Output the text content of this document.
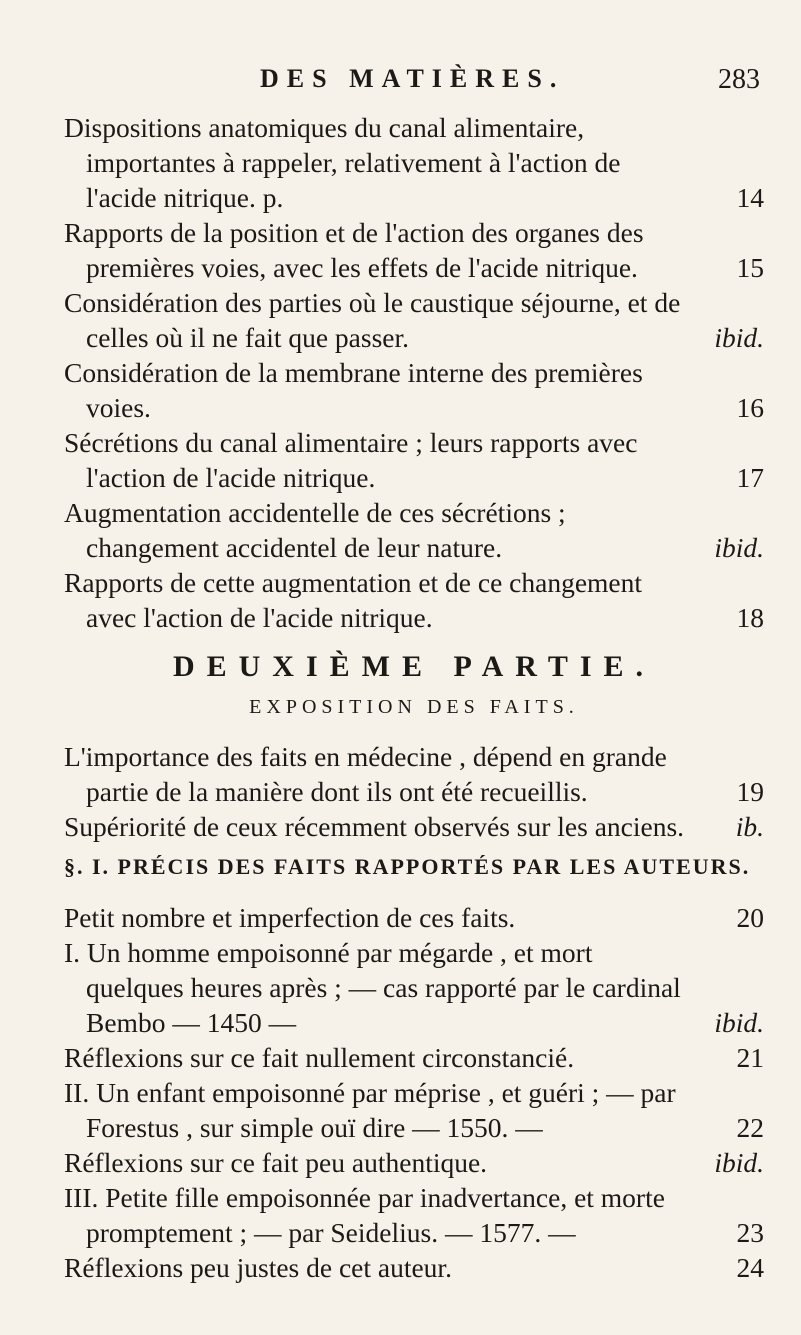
DES MATIÈRES.	283
Dispositions anatomiques du canal alimentaire, importantes à rappeler, relativement à l'action de l'acide nitrique. p.	14
Rapports de la position et de l'action des organes des premières voies, avec les effets de l'acide nitrique.	15
Considération des parties où le caustique séjourne, et de celles où il ne fait que passer.	ibid.
Considération de la membrane interne des premières voies.	16
Sécrétions du canal alimentaire ; leurs rapports avec l'action de l'acide nitrique.	17
Augmentation accidentelle de ces sécrétions ; changement accidentel de leur nature.	ibid.
Rapports de cette augmentation et de ce changement avec l'action de l'acide nitrique.	18
DEUXIÈME PARTIE.
EXPOSITION DES FAITS.
L'importance des faits en médecine , dépend en grande partie de la manière dont ils ont été recueillis.	19
Supériorité de ceux récemment observés sur les anciens.	ib.
§. I. PRÉCIS DES FAITS RAPPORTÉS PAR LES AUTEURS.
Petit nombre et imperfection de ces faits.	20
I. Un homme empoisonné par mégarde , et mort quelques heures après ; — cas rapporté par le cardinal Bembo — 1450 —	ibid.
Réflexions sur ce fait nullement circonstancié.	21
II. Un enfant empoisonné par méprise , et guéri ; — par Forestus , sur simple ouï dire — 1550. —	22
Réflexions sur ce fait peu authentique.	ibid.
III. Petite fille empoisonnée par inadvertance, et morte promptement ; — par Seidelius. — 1577. —	23
Réflexions peu justes de cet auteur.	24
